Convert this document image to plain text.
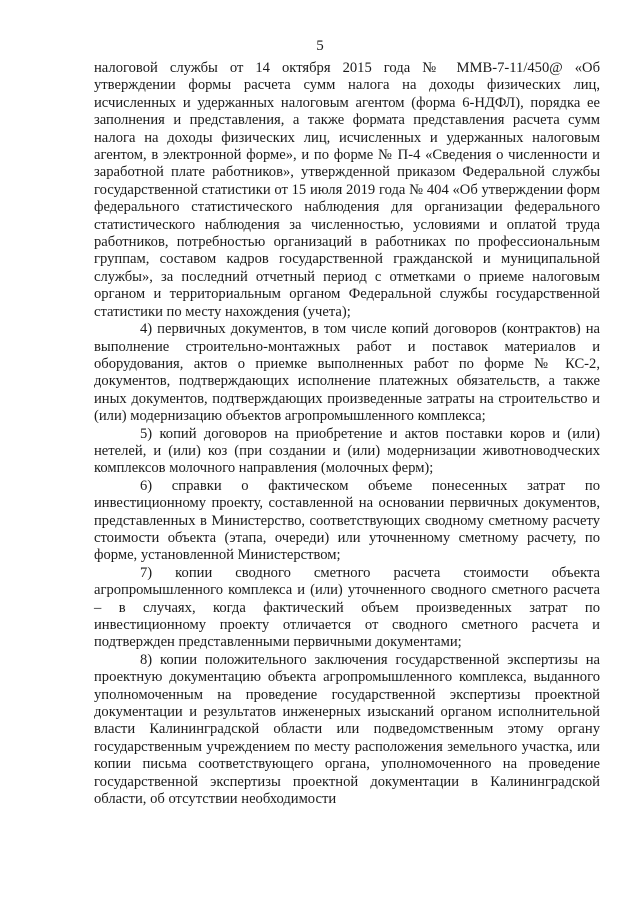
5

налоговой службы от 14 октября 2015 года № ММВ-7-11/450@ «Об утверждении формы расчета сумм налога на доходы физических лиц, исчисленных и удержанных налоговым агентом (форма 6-НДФЛ), порядка ее заполнения и представления, а также формата представления расчета сумм налога на доходы физических лиц, исчисленных и удержанных налоговым агентом, в электронной форме», и по форме № П-4 «Сведения о численности и заработной плате работников», утвержденной приказом Федеральной службы государственной статистики от 15 июля 2019 года № 404 «Об утверждении форм федерального статистического наблюдения для организации федерального статистического наблюдения за численностью, условиями и оплатой труда работников, потребностью организаций в работниках по профессиональным группам, составом кадров государственной гражданской и муниципальной службы», за последний отчетный период с отметками о приеме налоговым органом и территориальным органом Федеральной службы государственной статистики по месту нахождения (учета);

4) первичных документов, в том числе копий договоров (контрактов) на выполнение строительно-монтажных работ и поставок материалов и оборудования, актов о приемке выполненных работ по форме № КС-2, документов, подтверждающих исполнение платежных обязательств, а также иных документов, подтверждающих произведенные затраты на строительство и (или) модернизацию объектов агропромышленного комплекса;

5) копий договоров на приобретение и актов поставки коров и (или) нетелей, и (или) коз (при создании и (или) модернизации животноводческих комплексов молочного направления (молочных ферм);

6) справки о фактическом объеме понесенных затрат по инвестиционному проекту, составленной на основании первичных документов, представленных в Министерство, соответствующих сводному сметному расчету стоимости объекта (этапа, очереди) или уточненному сметному расчету, по форме, установленной Министерством;

7) копии сводного сметного расчета стоимости объекта агропромышленного комплекса и (или) уточненного сводного сметного расчета – в случаях, когда фактический объем произведенных затрат по инвестиционному проекту отличается от сводного сметного расчета и подтвержден представленными первичными документами;

8) копии положительного заключения государственной экспертизы на проектную документацию объекта агропромышленного комплекса, выданного уполномоченным на проведение государственной экспертизы проектной документации и результатов инженерных изысканий органом исполнительной власти Калининградской области или подведомственным этому органу государственным учреждением по месту расположения земельного участка, или копии письма соответствующего органа, уполномоченного на проведение государственной экспертизы проектной документации в Калининградской области, об отсутствии необходимости
